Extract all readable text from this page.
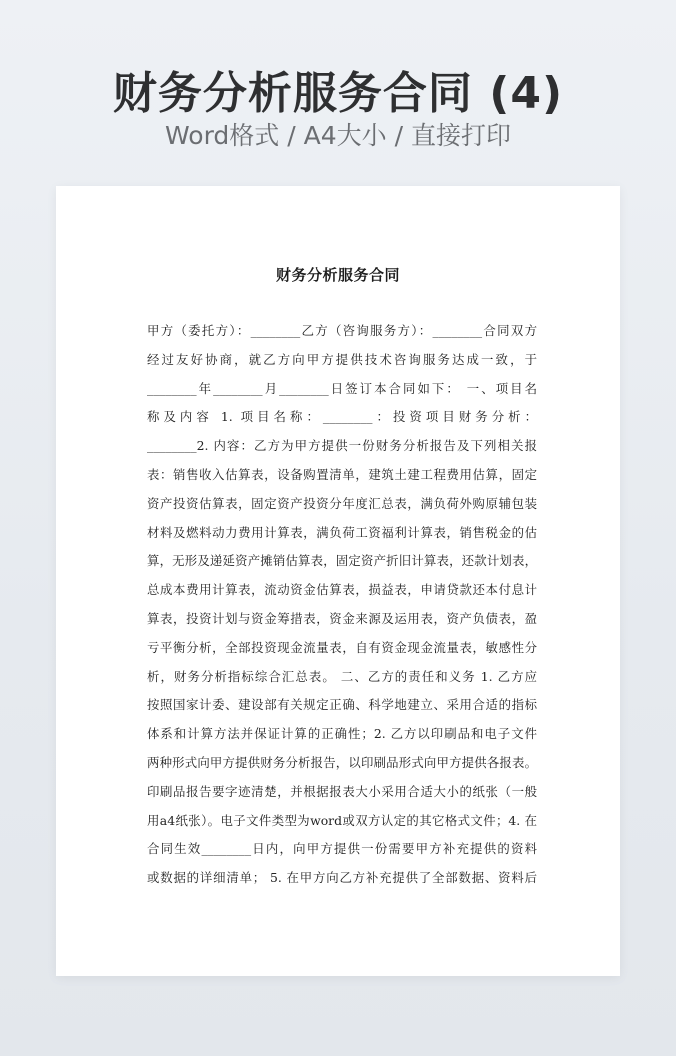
财务分析服务合同 (4)
Word格式 / A4大小 / 直接打印
财务分析服务合同
甲方（委托方）：________乙方（咨询服务方）：________合同双方
经过友好协商，就乙方向甲方提供技术咨询服务达成一致，于
________年________月________日签订本合同如下： 一、项目名
称及内容 1. 项目名称：________：投资项目财务分析：
________2. 内容：乙方为甲方提供一份财务分析报告及下列相关报
表：销售收入估算表，设备购置清单，建筑土建工程费用估算，固定
资产投资估算表，固定资产投资分年度汇总表，满负荷外购原辅包装
材料及燃料动力费用计算表，满负荷工资福利计算表，销售税金的估
算，无形及递延资产摊销估算表，固定资产折旧计算表，还款计划表，
总成本费用计算表，流动资金估算表，损益表，申请贷款还本付息计
算表，投资计划与资金筹措表，资金来源及运用表，资产负债表，盈
亏平衡分析，全部投资现金流量表，自有资金现金流量表，敏感性分
析，财务分析指标综合汇总表。 二、乙方的责任和义务 1. 乙方应
按照国家计委、建设部有关规定正确、科学地建立、采用合适的指标
体系和计算方法并保证计算的正确性；2. 乙方以印刷品和电子文件
两种形式向甲方提供财务分析报告，以印刷品形式向甲方提供各报表。
印刷品报告要字迹清楚，并根据报表大小采用合适大小的纸张（一般
用a4纸张）。电子文件类型为word或双方认定的其它格式文件；4. 在
合同生效________日内，向甲方提供一份需要甲方补充提供的资料
或数据的详细清单； 5. 在甲方向乙方补充提供了全部数据、资料后
